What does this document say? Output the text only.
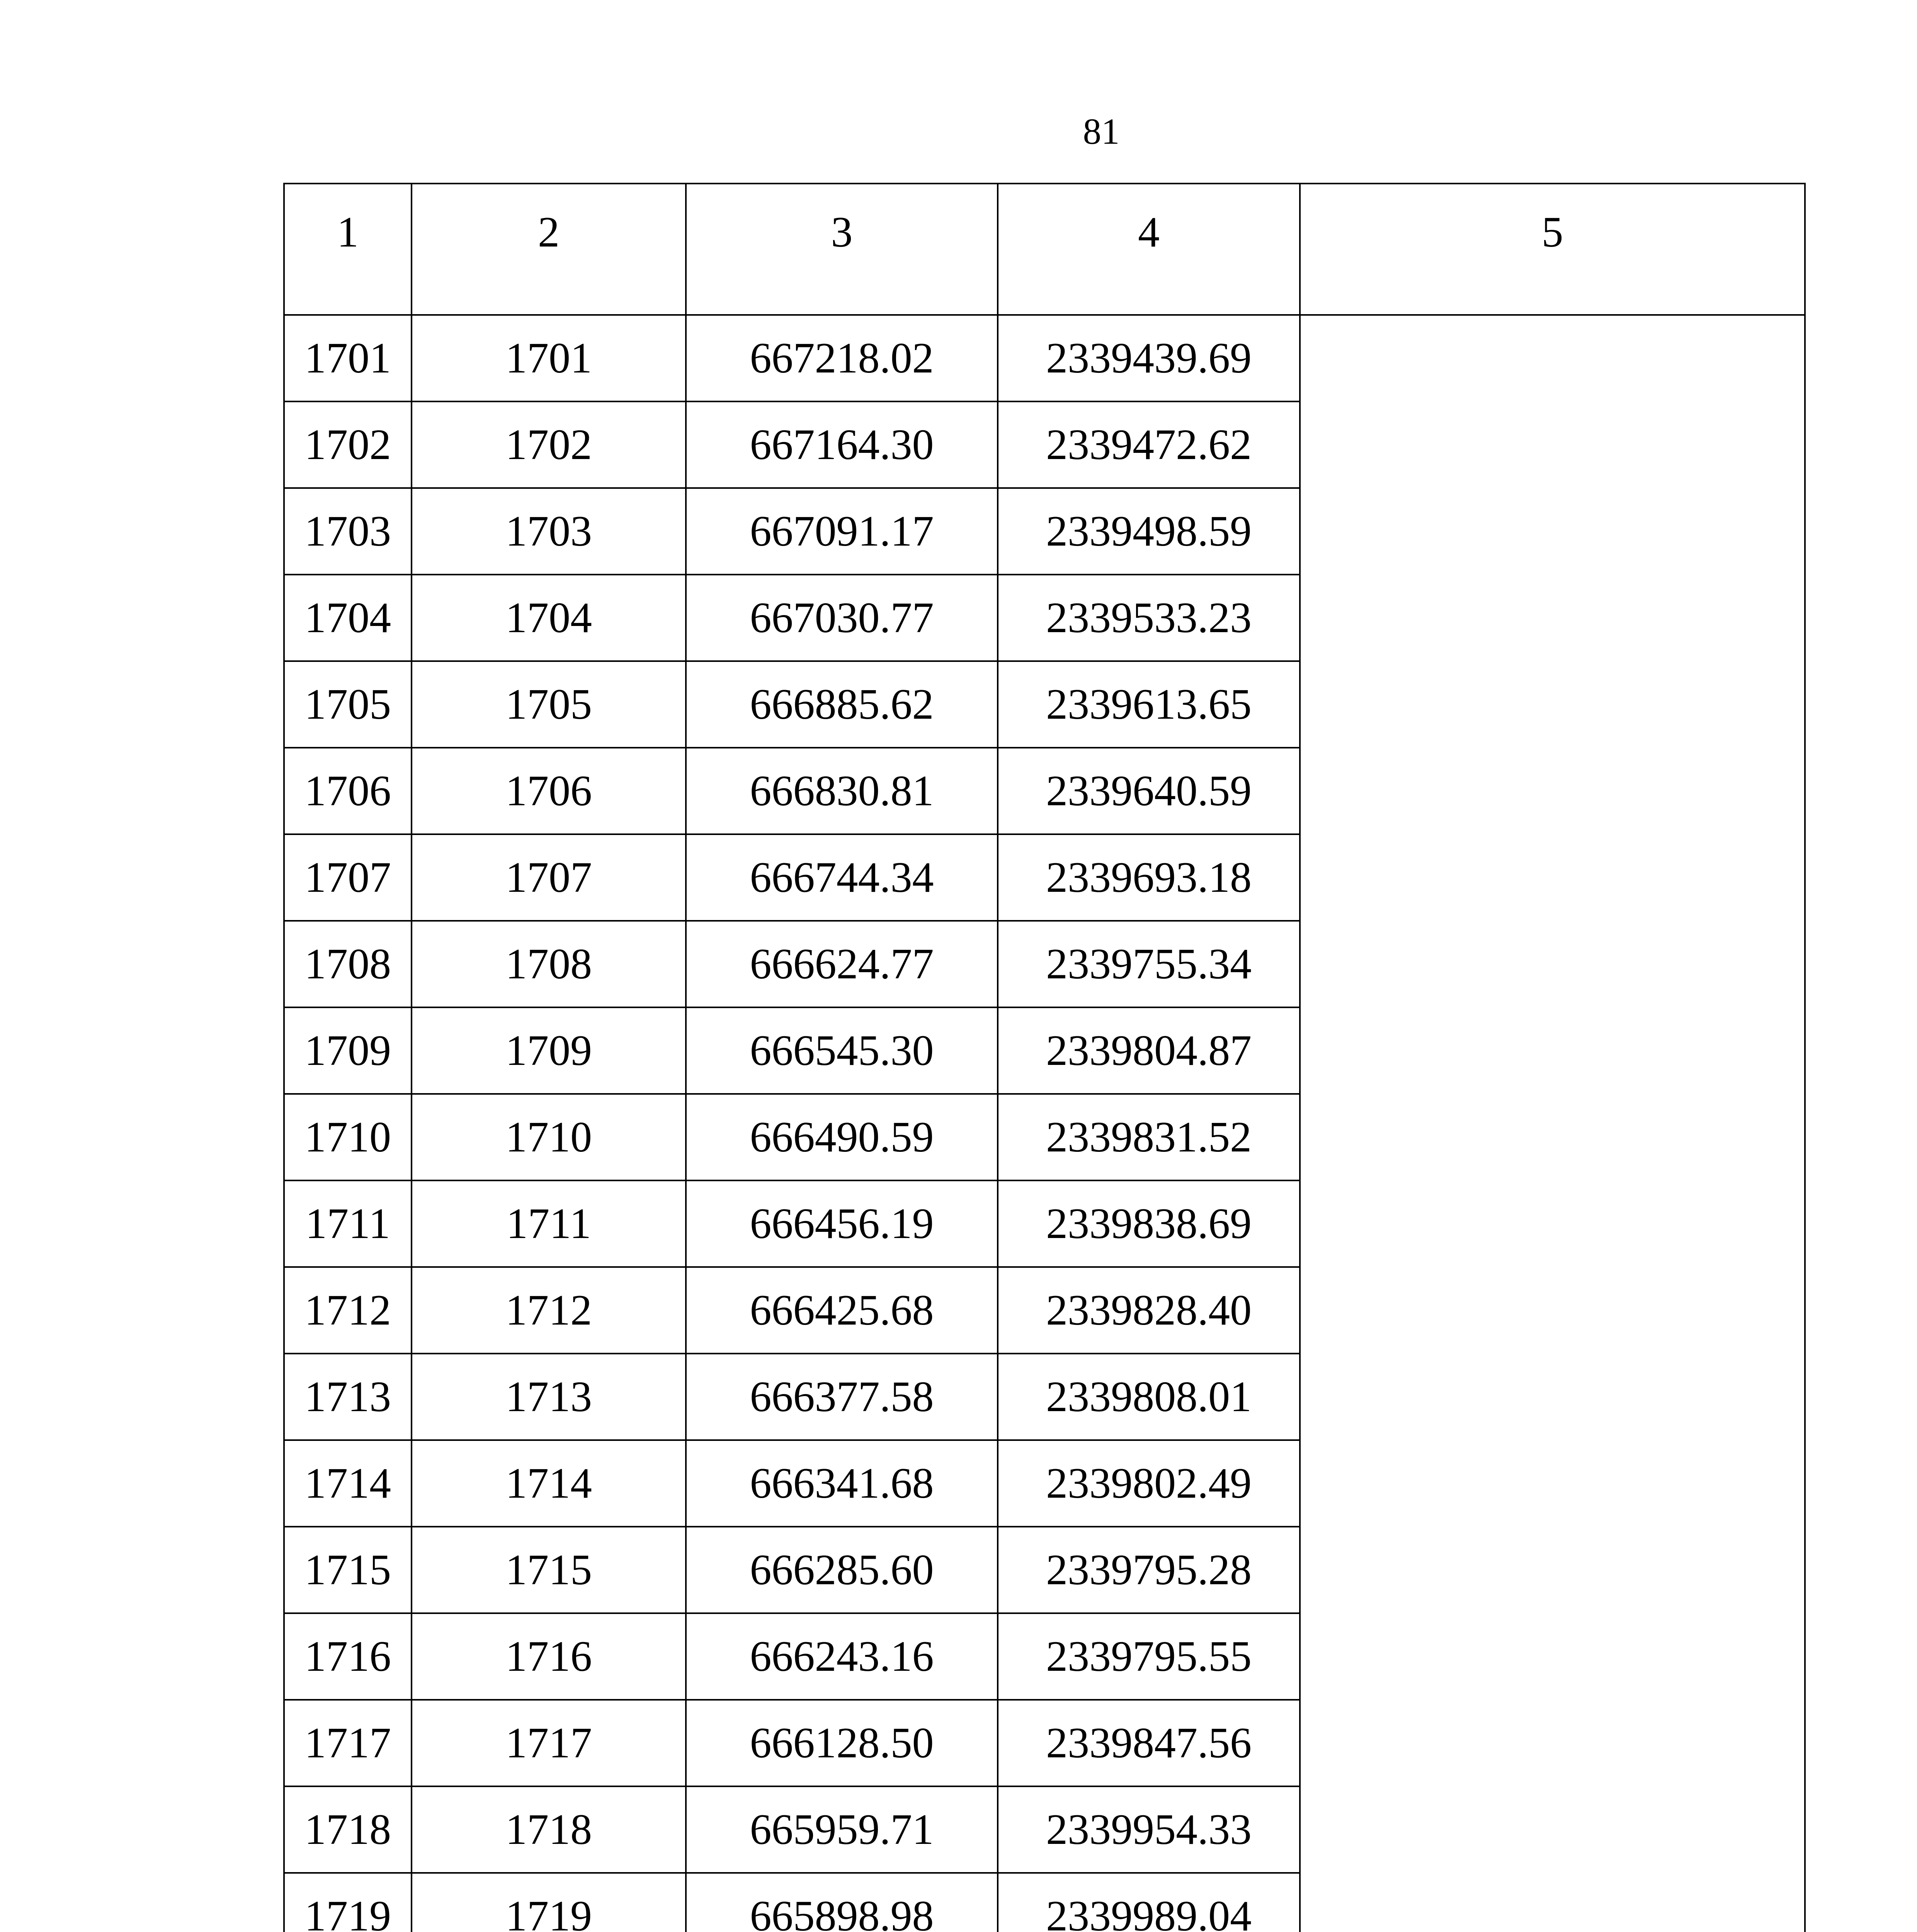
81
1	2	3	4	5
1701	1701	667218.02	2339439.69	
1702	1702	667164.30	2339472.62	
1703	1703	667091.17	2339498.59	
1704	1704	667030.77	2339533.23	
1705	1705	666885.62	2339613.65	
1706	1706	666830.81	2339640.59	
1707	1707	666744.34	2339693.18	
1708	1708	666624.77	2339755.34	
1709	1709	666545.30	2339804.87	
1710	1710	666490.59	2339831.52	
1711	1711	666456.19	2339838.69	
1712	1712	666425.68	2339828.40	
1713	1713	666377.58	2339808.01	
1714	1714	666341.68	2339802.49	
1715	1715	666285.60	2339795.28	
1716	1716	666243.16	2339795.55	
1717	1717	666128.50	2339847.56	
1718	1718	665959.71	2339954.33	
1719	1719	665898.98	2339989.04	
